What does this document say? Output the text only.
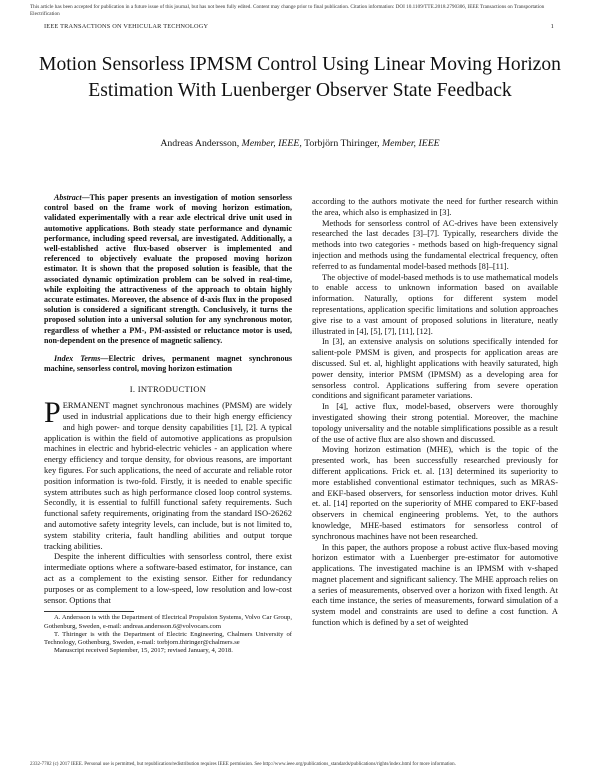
This article has been accepted for publication in a future issue of this journal, but has not been fully edited. Content may change prior to final publication. Citation information: DOI 10.1109/TTE.2018.2790306, IEEE Transactions on Transportation Electrification
IEEE TRANSACTIONS ON VEHICULAR TECHNOLOGY	1
Motion Sensorless IPMSM Control Using Linear Moving Horizon Estimation With Luenberger Observer State Feedback
Andreas Andersson, Member, IEEE, Torbjörn Thiringer, Member, IEEE

Abstract—This paper presents an investigation of motion sensorless control based on the frame work of moving horizon estimation, validated experimentally with a rear axle electrical drive unit used in automotive applications. Both steady state performance and dynamic performance, including speed reversal, are investigated. Additionally, a well-established active flux-based observer is implemented and referenced to objectively evaluate the proposed moving horizon estimator. It is shown that the proposed solution is feasible, that the associated dynamic optimization problem can be solved in real-time, while exploiting the attractiveness of the approach to obtain highly accurate estimates. Moreover, the absence of d-axis flux in the proposed solution is considered a significant strength. Conclusively, it turns the proposed solution into a universal solution for any synchronous motor, regardless of whether a PM-, PM-assisted or reluctance motor is used, non-dependent on the presence of magnetic saliency.

Index Terms—Electric drives, permanent magnet synchronous machine, sensorless control, moving horizon estimation

I. INTRODUCTION

PERMANENT magnet synchronous machines (PMSM) are widely used in industrial applications due to their high energy efficiency and high power- and torque density capabilities [1], [2]. A typical application is within the field of automotive applications as propulsion machines in electric and hybrid-electric vehicles - an application where energy efficiency and torque density, for obvious reasons, are important key figures. For such applications, the need of accurate and reliable rotor position information is two-fold. Firstly, it is needed to enable specific system attributes such as high performance closed loop control systems. Secondly, it is essential to fulfill functional safety requirements. Such functional safety requirements, originating from the standard ISO-26262 and automotive safety integrity levels, can include, but is not limited to, system stability criteria, fault handling abilities and output torque tracking abilities.

Despite the inherent difficulties with sensorless control, there exist intermediate options where a software-based estimator, for instance, can act as a complement to the existing sensor. Either for redundancy purposes or as complement to a low-speed, low resolution and low-cost sensor. Options that

A. Andersson is with the Department of Electrical Propulsion Systems, Volvo Car Group, Gothenburg, Sweden, e-mail: andreas.andersson.6@volvocars.com

T. Thiringer is with the Department of Electric Engineering, Chalmers University of Technology, Gothenburg, Sweden, e-mail: torbjorn.thiringer@chalmers.se

Manuscript received September, 15, 2017; revised January, 4, 2018.

according to the authors motivate the need for further research within the area, which also is emphasized in [3].

Methods for sensorless control of AC-drives have been extensively researched the last decades [3]–[7]. Typically, researchers divide the methods into two categories - methods based on high-frequency signal injection and methods using the fundamental electrical frequency, often referred to as fundamental model-based methods [8]–[11].

The objective of model-based methods is to use mathematical models to enable access to unknown information based on available information. Naturally, options for different system model representations, application specific limitations and solution approaches give rise to a vast amount of proposed solutions in literature, neatly illustrated in [4], [5], [7], [11], [12].

In [3], an extensive analysis on solutions specifically intended for salient-pole PMSM is given, and prospects for application areas are discussed. Sul et. al, highlight applications with heavily saturated, high power density, interior PMSM (IPMSM) as a developing area for sensorless control. Applications suffering from severe operation conditions and significant parameter variations.

In [4], active flux, model-based, observers were thoroughly investigated showing their strong potential. Moreover, the machine topology universality and the notable simplifications possible as a result of the use of active flux are also shown and discussed.

Moving horizon estimation (MHE), which is the topic of the presented work, has been successfully researched previously for different applications. Frick et. al. [13] determined its superiority to more established conventional estimator techniques, such as MRAS- and EKF-based observers, for sensorless induction motor drives. Kuhl et. al. [14] reported on the superiority of MHE compared to EKF-based observers in chemical engineering problems. Yet, to the authors knowledge, MHE-based estimators for sensorless control of synchronous machines have not been researched.

In this paper, the authors propose a robust active flux-based moving horizon estimator with a Luenberger pre-estimator for automotive applications. The investigated machine is an IPMSM with v-shaped magnet placement and significant saliency. The MHE approach relies on a series of measurements, observed over a horizon with fixed length. At each time instance, the series of measurements, forward simulation of a system model and constraints are used to define a cost function. A function which is defined by a set of weighted

2332-7782 (c) 2017 IEEE. Personal use is permitted, but republication/redistribution requires IEEE permission. See http://www.ieee.org/publications_standards/publications/rights/index.html for more information.
